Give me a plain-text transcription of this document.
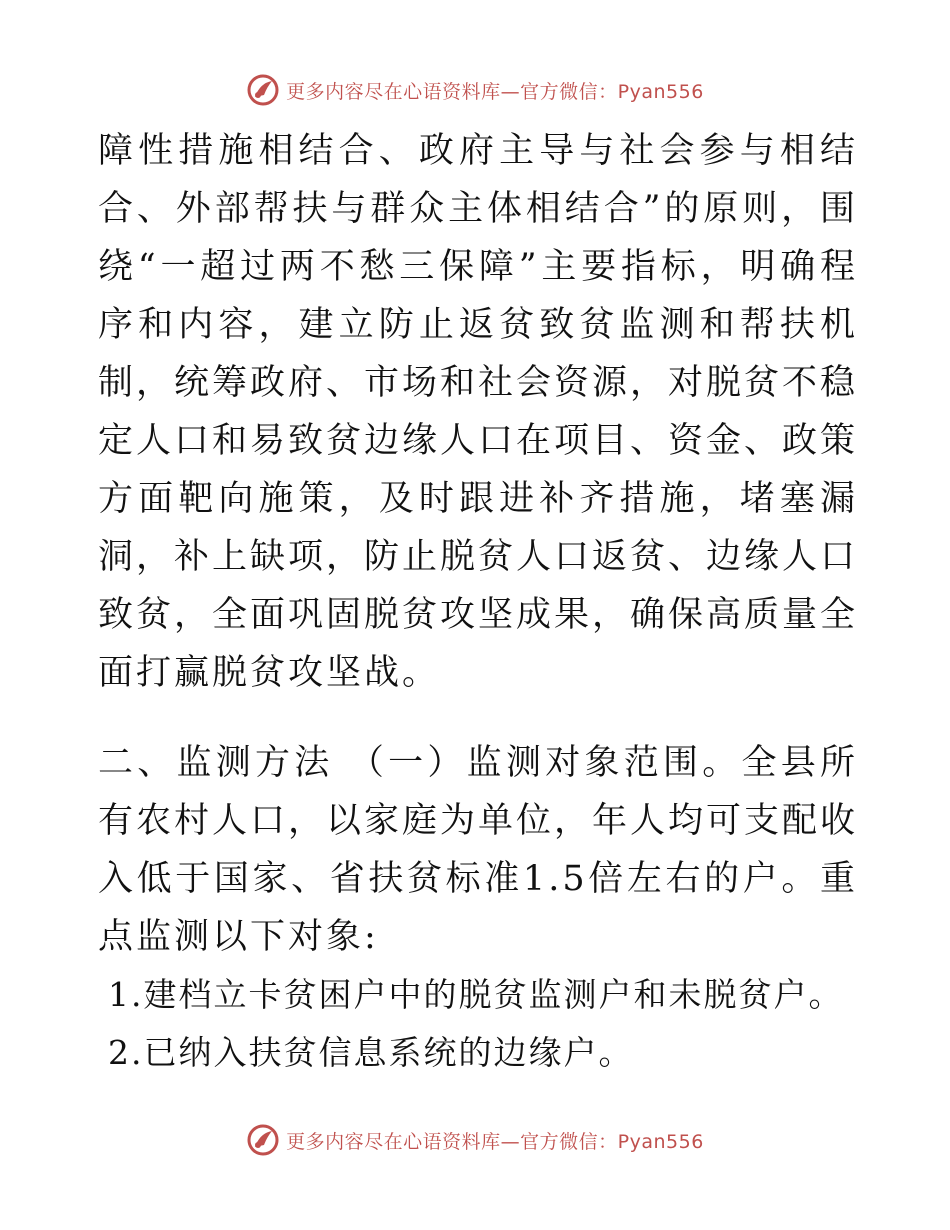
更多内容尽在心语资料库—官方微信：Pyan556

障性措施相结合、政府主导与社会参与相结合、外部帮扶与群众主体相结合”的原则，围绕“一超过两不愁三保障”主要指标，明确程序和内容，建立防止返贫致贫监测和帮扶机制，统筹政府、市场和社会资源，对脱贫不稳定人口和易致贫边缘人口在项目、资金、政策方面靶向施策，及时跟进补齐措施，堵塞漏洞，补上缺项，防止脱贫人口返贫、边缘人口致贫，全面巩固脱贫攻坚成果，确保高质量全面打赢脱贫攻坚战。

二、监测方法 （一）监测对象范围。全县所有农村人口，以家庭为单位，年人均可支配收入低于国家、省扶贫标准1.5倍左右的户。重点监测以下对象:

1.建档立卡贫困户中的脱贫监测户和未脱贫户。

2.已纳入扶贫信息系统的边缘户。

更多内容尽在心语资料库—官方微信：Pyan556
